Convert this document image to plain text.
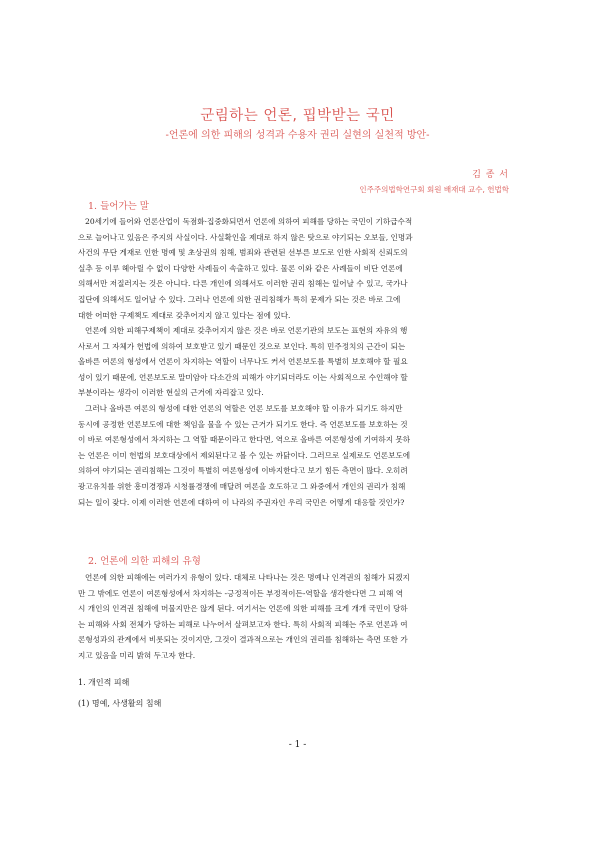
군림하는 언론, 핍박받는 국민
-언론에 의한 피해의 성격과 수용자 권리 실현의 실천적 방안-
김 종 서
인주주의법학연구회 회원 배재대 교수, 헌법학
1. 들어가는 말
20세기에 들어와 언론산업이 독점화·집중화되면서 언론에 의하여 피해를 당하는 국민이 기하급수적
으로 늘어나고 있음은 주지의 사실이다. 사실확인을 제대로 하지 않은 탓으로 야기되는 오보들, 인명과
사건의 무단 게재로 인한 명예 및 초상권의 침해, 범죄와 관련된 선부른 보도로 인한 사회적 신뢰도의
실추 등 이루 헤아릴 수 없이 다양한 사례들이 속출하고 있다. 물론 이와 같은 사례들이 비단 언론에
의해서만 저질러지는 것은 아니다. 다른 개인에 의해서도 이러한 권리 침해는 일어날 수 있고, 국가나
집단에 의해서도 일어날 수 있다. 그러나 언론에 의한 권리침해가 특히 문제가 되는 것은 바로 그에
대한 어떠한 구제책도 제대로 갖추어지지 않고 있다는 점에 있다.
언론에 의한 피해구제책이 제대로 갖추어지지 않은 것은 바로 언론기관의 보도는 표현의 자유의 행
사로서 그 자체가 헌법에 의하여 보호받고 있기 때문인 것으로 보인다. 특히 민주정치의 근간이 되는
올바른 여론의 형성에서 언론이 차지하는 역할이 너무나도 커서 언론보도를 특별히 보호해야 할 필요
성이 있기 때문에, 언론보도로 말미암아 다소간의 피해가 야기되더라도 이는 사회적으로 수인해야 할
부분이라는 생각이 이러한 현실의 근거에 자리잡고 있다.
그러나 올바른 여론의 형성에 대한 언론의 역할은 언론 보도를 보호해야 할 이유가 되기도 하지만
동시에 공정한 언론보도에 대한 책임을 물을 수 있는 근거가 되기도 한다. 즉 언론보도를 보호하는 것
이 바로 여론형성에서 차지하는 그 역할 때문이라고 한다면, 역으로 올바른 여론형성에 기여하지 못하
는 언론은 이미 헌법의 보호대상에서 제외된다고 볼 수 있는 까닭이다. 그러므로 실제로도 언론보도에
의하여 야기되는 권리침해는 그것이 특별히 여론형성에 이바지한다고 보기 힘든 측면이 많다. 오히려
광고유치를 위한 흥미경쟁과 시청률경쟁에 매달려 여론을 호도하고 그 와중에서 개인의 권리가 침해
되는 일이 잦다. 이제 이러한 언론에 대하여 이 나라의 주권자인 우리 국민은 어떻게 대응할 것인가?
2. 언론에 의한 피해의 유형
언론에 의한 피해에는 여러가지 유형이 있다. 대체로 나타나는 것은 명예나 인격권의 침해가 되겠지
만 그 밖에도 언론이 여론형성에서 차지하는 -긍정적이든 부정적이든-역할을 생각한다면 그 피해 역
시 개인의 인격권 침해에 머물지만은 않게 된다. 여기서는 언론에 의한 피해를 크게 개개 국민이 당하
는 피해와 사회 전체가 당하는 피해로 나누어서 살펴보고자 한다. 특히 사회적 피해는 주로 언론과 여
론형성과의 관계에서 비롯되는 것이지만, 그것이 결과적으로는 개인의 권리를 침해하는 측면 또한 가
지고 있음을 미리 밝혀 두고자 한다.
1. 개인적 피해
(1) 명예, 사생활의 침해
- 1 -
